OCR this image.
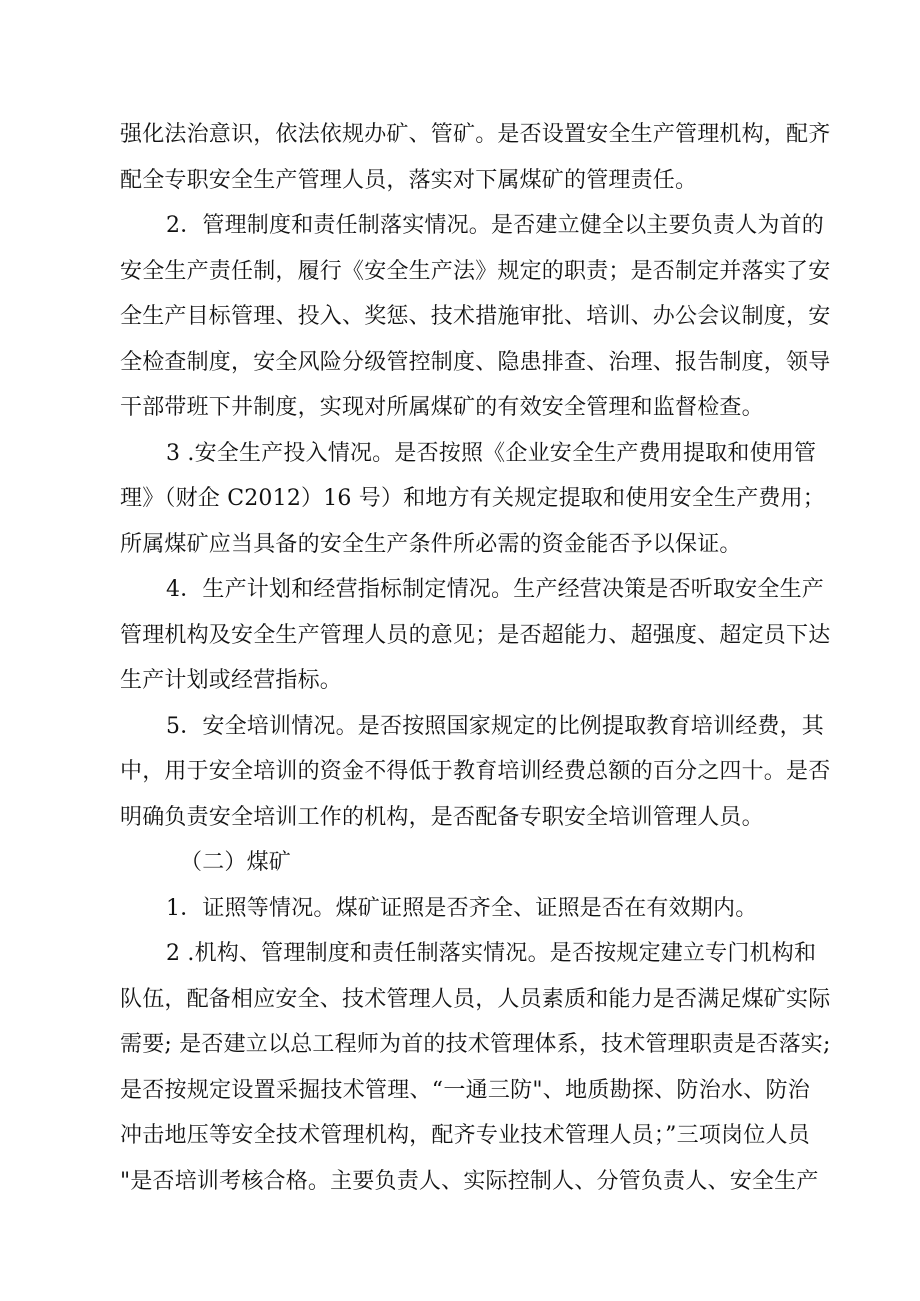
强化法治意识，依法依规办矿、管矿。是否设置安全生产管理机构，配齐
配全专职安全生产管理人员，落实对下属煤矿的管理责任。
2．管理制度和责任制落实情况。是否建立健全以主要负责人为首的
安全生产责任制，履行《安全生产法》规定的职责；是否制定并落实了安
全生产目标管理、投入、奖惩、技术措施审批、培训、办公会议制度，安
全检查制度，安全风险分级管控制度、隐患排查、治理、报告制度，领导
干部带班下井制度，实现对所属煤矿的有效安全管理和监督检查。
3 .安全生产投入情况。是否按照《企业安全生产费用提取和使用管
理》（财企 C2012）16 号）和地方有关规定提取和使用安全生产费用；
所属煤矿应当具备的安全生产条件所必需的资金能否予以保证。
4．生产计划和经营指标制定情况。生产经营决策是否听取安全生产
管理机构及安全生产管理人员的意见；是否超能力、超强度、超定员下达
生产计划或经营指标。
5．安全培训情况。是否按照国家规定的比例提取教育培训经费，其
中，用于安全培训的资金不得低于教育培训经费总额的百分之四十。是否
明确负责安全培训工作的机构，是否配备专职安全培训管理人员。
（二）煤矿
1．证照等情况。煤矿证照是否齐全、证照是否在有效期内。
2 .机构、管理制度和责任制落实情况。是否按规定建立专门机构和
队伍，配备相应安全、技术管理人员，人员素质和能力是否满足煤矿实际
需要; 是否建立以总工程师为首的技术管理体系，技术管理职责是否落实;
是否按规定设置采掘技术管理、“一通三防"、地质勘探、防治水、防治
冲击地压等安全技术管理机构，配齐专业技术管理人员；”三项岗位人员
"是否培训考核合格。主要负责人、实际控制人、分管负责人、安全生产
